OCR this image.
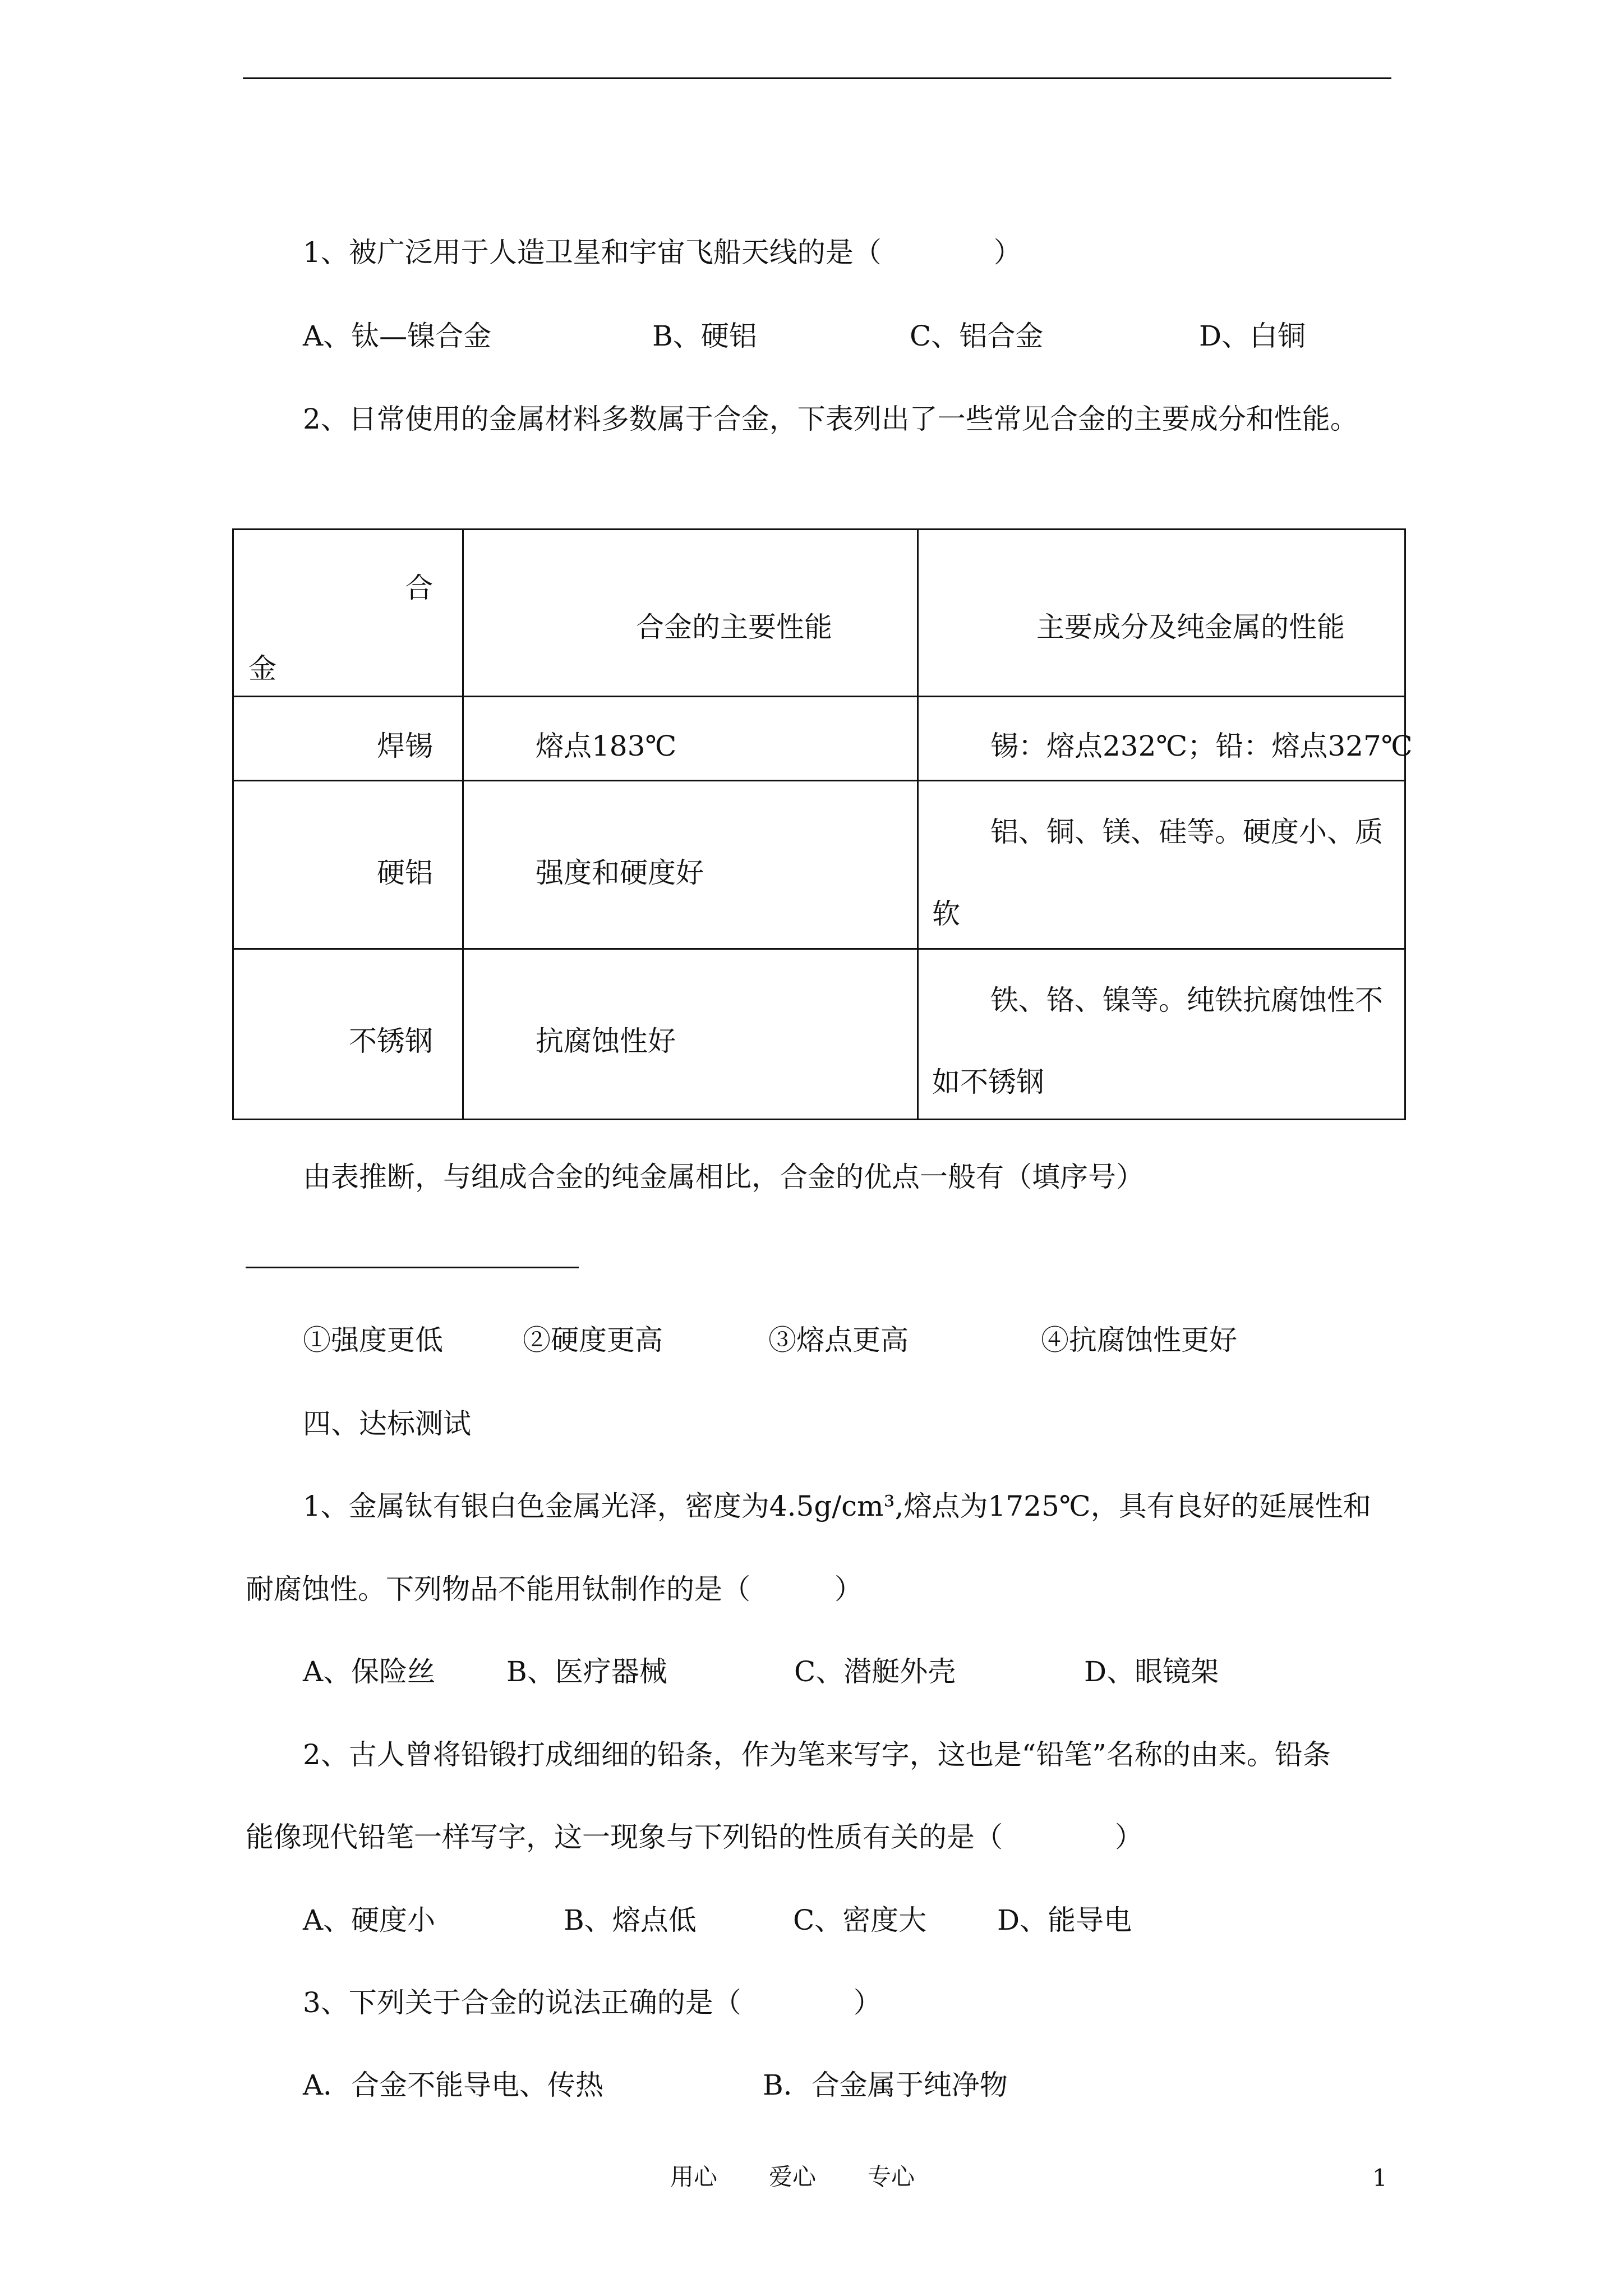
1、被广泛用于人造卫星和宇宙飞船天线的是（　　　　）
A、钛—镍合金	B、硬铝	C、铝合金	D、白铜
2、日常使用的金属材料多数属于合金，下表列出了一些常见合金的主要成分和性能。
合
金	合金的主要性能	主要成分及纯金属的性能

焊锡	熔点183℃	锡：熔点232℃；铅：熔点327℃

硬铝	强度和硬度好	铝、铜、镁、硅等。硬度小、质
软

不锈钢	抗腐蚀性好	铁、铬、镍等。纯铁抗腐蚀性不
如不锈钢
由表推断，与组成合金的纯金属相比，合金的优点一般有（填序号）
①强度更低	②硬度更高	③熔点更高	④抗腐蚀性更好
四、达标测试
1、金属钛有银白色金属光泽，密度为4.5g/cm³,熔点为1725℃，具有良好的延展性和
耐腐蚀性。下列物品不能用钛制作的是（　　　）
A、保险丝	B、医疗器械	C、潜艇外壳	D、眼镜架
2、古人曾将铅锻打成细细的铅条，作为笔来写字，这也是“铅笔”名称的由来。铅条
能像现代铅笔一样写字，这一现象与下列铅的性质有关的是（　　　　）
A、硬度小	B、熔点低	C、密度大	D、能导电
3、下列关于合金的说法正确的是（　　　　）
A．合金不能导电、传热	B．合金属于纯净物
用心 爱心 专心	1
